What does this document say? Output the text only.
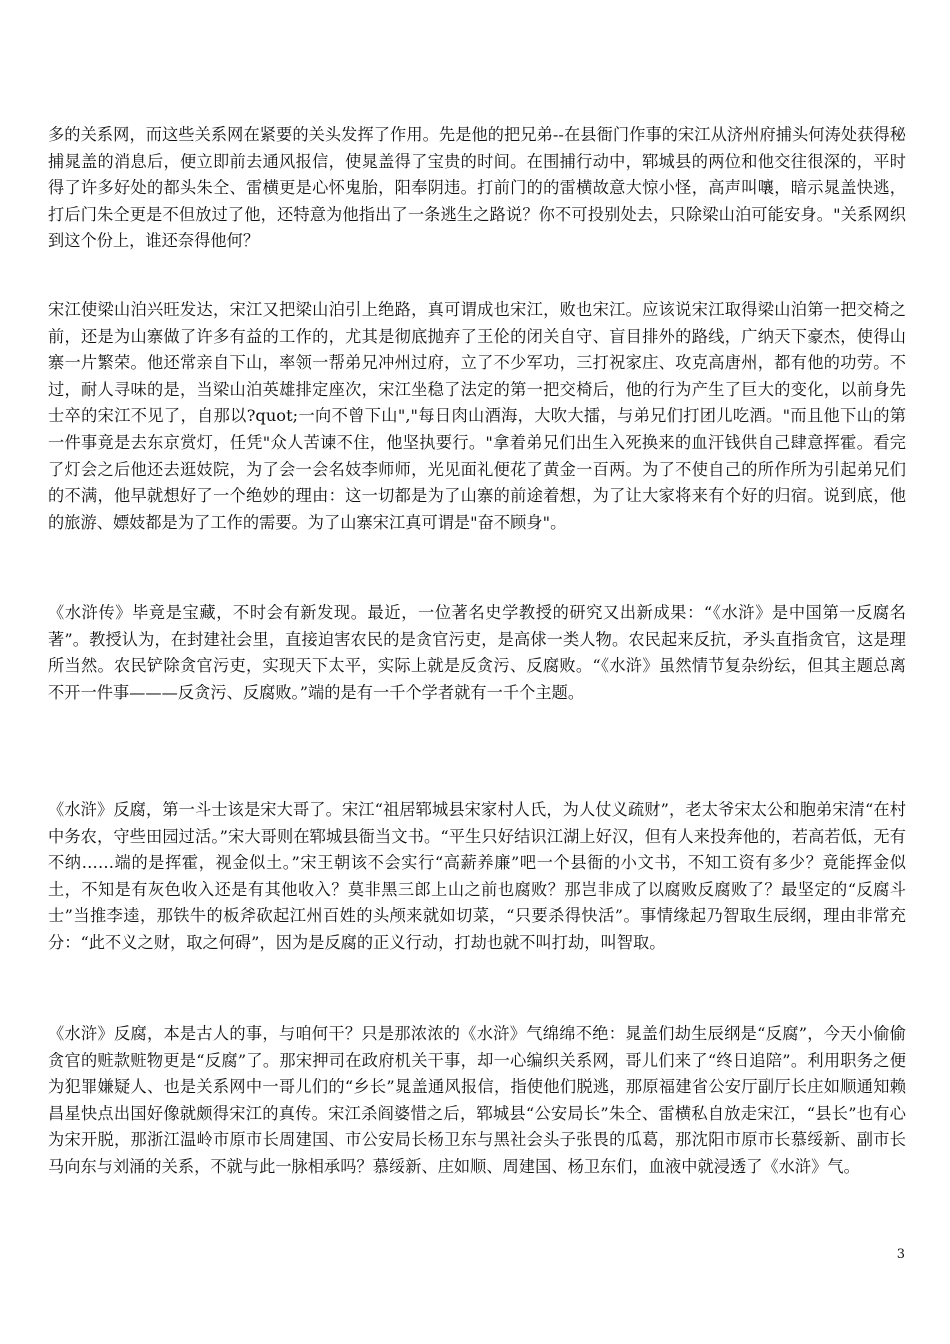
多的关系网，而这些关系网在紧要的关头发挥了作用。先是他的把兄弟--在县衙门作事的宋江从济州府捕头何涛处获得秘捕晁盖的消息后，便立即前去通风报信，使晁盖得了宝贵的时间。在围捕行动中，郓城县的两位和他交往很深的，平时得了许多好处的都头朱仝、雷横更是心怀鬼胎，阳奉阴违。打前门的的雷横故意大惊小怪，高声叫嚷，暗示晁盖快逃，打后门朱仝更是不但放过了他，还特意为他指出了一条逃生之路说？你不可投别处去，只除梁山泊可能安身。"关系网织到这个份上，谁还奈得他何？

宋江使梁山泊兴旺发达，宋江又把梁山泊引上绝路，真可谓成也宋江，败也宋江。应该说宋江取得梁山泊第一把交椅之前，还是为山寨做了许多有益的工作的，尤其是彻底抛弃了王伦的闭关自守、盲目排外的路线，广纳天下豪杰，使得山寨一片繁荣。他还常亲自下山，率领一帮弟兄冲州过府，立了不少军功，三打祝家庄、攻克高唐州，都有他的功劳。不过，耐人寻味的是，当梁山泊英雄排定座次，宋江坐稳了法定的第一把交椅后，他的行为产生了巨大的变化，以前身先士卒的宋江不见了，自那以?quot;一向不曾下山","每日肉山酒海，大吹大擂，与弟兄们打团儿吃酒。"而且他下山的第一件事竟是去东京赏灯，任凭"众人苦谏不住，他坚执要行。"拿着弟兄们出生入死换来的血汗钱供自己肆意挥霍。看完了灯会之后他还去逛妓院，为了会一会名妓李师师，光见面礼便花了黄金一百两。为了不使自己的所作所为引起弟兄们的不满，他早就想好了一个绝妙的理由：这一切都是为了山寨的前途着想，为了让大家将来有个好的归宿。说到底，他的旅游、嫖妓都是为了工作的需要。为了山寨宋江真可谓是"奋不顾身"。

《水浒传》毕竟是宝藏，不时会有新发现。最近，一位著名史学教授的研究又出新成果：“《水浒》是中国第一反腐名著”。教授认为，在封建社会里，直接迫害农民的是贪官污吏，是高俅一类人物。农民起来反抗，矛头直指贪官，这是理所当然。农民铲除贪官污吏，实现天下太平，实际上就是反贪污、反腐败。“《水浒》虽然情节复杂纷纭，但其主题总离不开一件事———反贪污、反腐败。”端的是有一千个学者就有一千个主题。

《水浒》反腐，第一斗士该是宋大哥了。宋江“祖居郓城县宋家村人氏，为人仗义疏财”，老太爷宋太公和胞弟宋清“在村中务农，守些田园过活。”宋大哥则在郓城县衙当文书。“平生只好结识江湖上好汉，但有人来投奔他的，若高若低，无有不纳……端的是挥霍，视金似土。”宋王朝该不会实行“高薪养廉”吧一个县衙的小文书，不知工资有多少？竟能挥金似土，不知是有灰色收入还是有其他收入？莫非黑三郎上山之前也腐败？那岂非成了以腐败反腐败了？最坚定的“反腐斗士”当推李逵，那铁牛的板斧砍起江州百姓的头颅来就如切菜，“只要杀得快活”。事情缘起乃智取生辰纲，理由非常充分：“此不义之财，取之何碍”，因为是反腐的正义行动，打劫也就不叫打劫，叫智取。

《水浒》反腐，本是古人的事，与咱何干？只是那浓浓的《水浒》气绵绵不绝：晁盖们劫生辰纲是“反腐”，今天小偷偷贪官的赃款赃物更是“反腐”了。那宋押司在政府机关干事，却一心编织关系网，哥儿们来了“终日追陪”。利用职务之便为犯罪嫌疑人、也是关系网中一哥儿们的“乡长”晁盖通风报信，指使他们脱逃，那原福建省公安厅副厅长庄如顺通知赖昌星快点出国好像就颇得宋江的真传。宋江杀阎婆惜之后，郓城县“公安局长”朱仝、雷横私自放走宋江，“县长”也有心为宋开脱，那浙江温岭市原市长周建国、市公安局长杨卫东与黑社会头子张畏的瓜葛，那沈阳市原市长慕绥新、副市长马向东与刘涌的关系，不就与此一脉相承吗？慕绥新、庄如顺、周建国、杨卫东们，血液中就浸透了《水浒》气。

3
